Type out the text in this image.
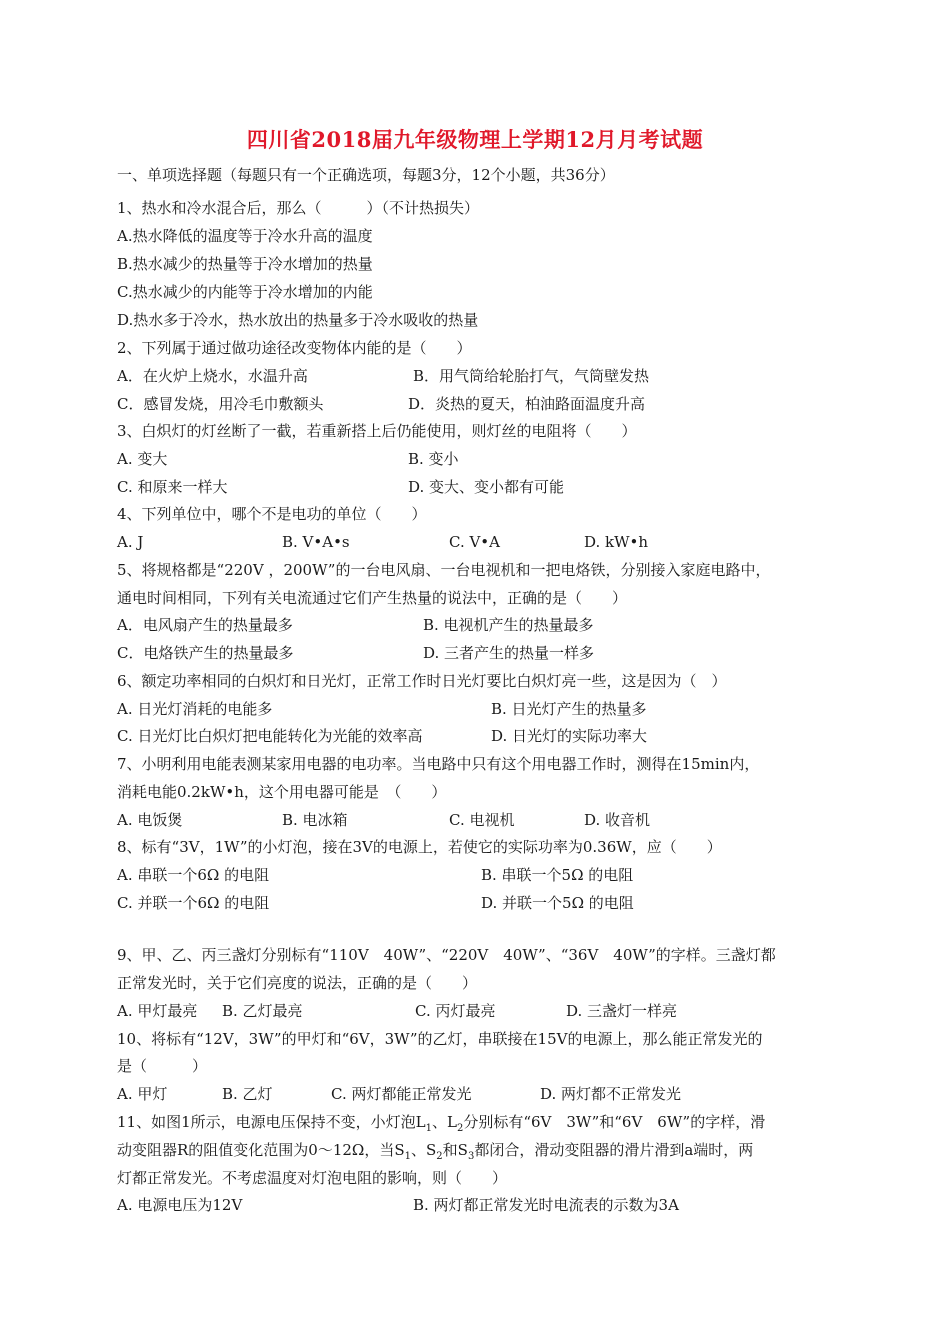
四川省2018届九年级物理上学期12月月考试题
一、单项选择题（每题只有一个正确选项，每题3分，12个小题，共36分）
1、热水和冷水混合后，那么（　　　）（不计热损失）
A.热水降低的温度等于冷水升高的温度
B.热水减少的热量等于冷水增加的热量
C.热水减少的内能等于冷水增加的内能
D.热水多于冷水，热水放出的热量多于冷水吸收的热量
2、下列属于通过做功途径改变物体内能的是（　　）
A．在火炉上烧水，水温升高	B．用气筒给轮胎打气，气筒壁发热
C．感冒发烧，用冷毛巾敷额头	D．炎热的夏天，柏油路面温度升高
3、白炽灯的灯丝断了一截，若重新搭上后仍能使用，则灯丝的电阻将（　　）
A. 变大	B. 变小
C. 和原来一样大	D. 变大、变小都有可能
4、下列单位中，哪个不是电功的单位（　　）
A. J	B. V•A•s	C. V•A	D. kW•h
5、将规格都是“220V ，200W”的一台电风扇、一台电视机和一把电烙铁，分别接入家庭电路中，
通电时间相同，下列有关电流通过它们产生热量的说法中，正确的是（　　）
A．电风扇产生的热量最多	B. 电视机产生的热量最多
C．电烙铁产生的热量最多	D. 三者产生的热量一样多
6、额定功率相同的白炽灯和日光灯，正常工作时日光灯要比白炽灯亮一些，这是因为（　）
A. 日光灯消耗的电能多	B. 日光灯产生的热量多
C. 日光灯比白炽灯把电能转化为光能的效率高	D. 日光灯的实际功率大
7、小明利用电能表测某家用电器的电功率。当电路中只有这个用电器工作时，测得在15min内，
消耗电能0.2kW•h，这个用电器可能是　（　　）
A. 电饭煲	B. 电冰箱	C. 电视机	D. 收音机
8、标有“3V，1W”的小灯泡，接在3V的电源上，若使它的实际功率为0.36W，应（　　）
A. 串联一个6Ω 的电阻	B. 串联一个5Ω 的电阻
C. 并联一个6Ω 的电阻	D. 并联一个5Ω 的电阻
9、甲、乙、丙三盏灯分别标有“110V　40W”、“220V　40W”、“36V　40W”的字样。三盏灯都
正常发光时，关于它们亮度的说法，正确的是（　　）
A. 甲灯最亮 B. 乙灯最亮	C. 丙灯最亮	D. 三盏灯一样亮
10、将标有“12V，3W”的甲灯和“6V，3W”的乙灯，串联接在15V的电源上，那么能正常发光的
是（　　　）
A. 甲灯	B. 乙灯	C. 两灯都能正常发光	D. 两灯都不正常发光
11、如图1所示，电源电压保持不变，小灯泡$L_1$、$L_2$分别标有“6V　3W”和“6V　6W”的字样，滑
动变阻器R的阻值变化范围为0～12Ω，当$S_1$、$S_2$和$S_3$都闭合，滑动变阻器的滑片滑到a端时，两
灯都正常发光。不考虑温度对灯泡电阻的影响，则（　　）
A. 电源电压为12V	B. 两灯都正常发光时电流表的示数为3A
